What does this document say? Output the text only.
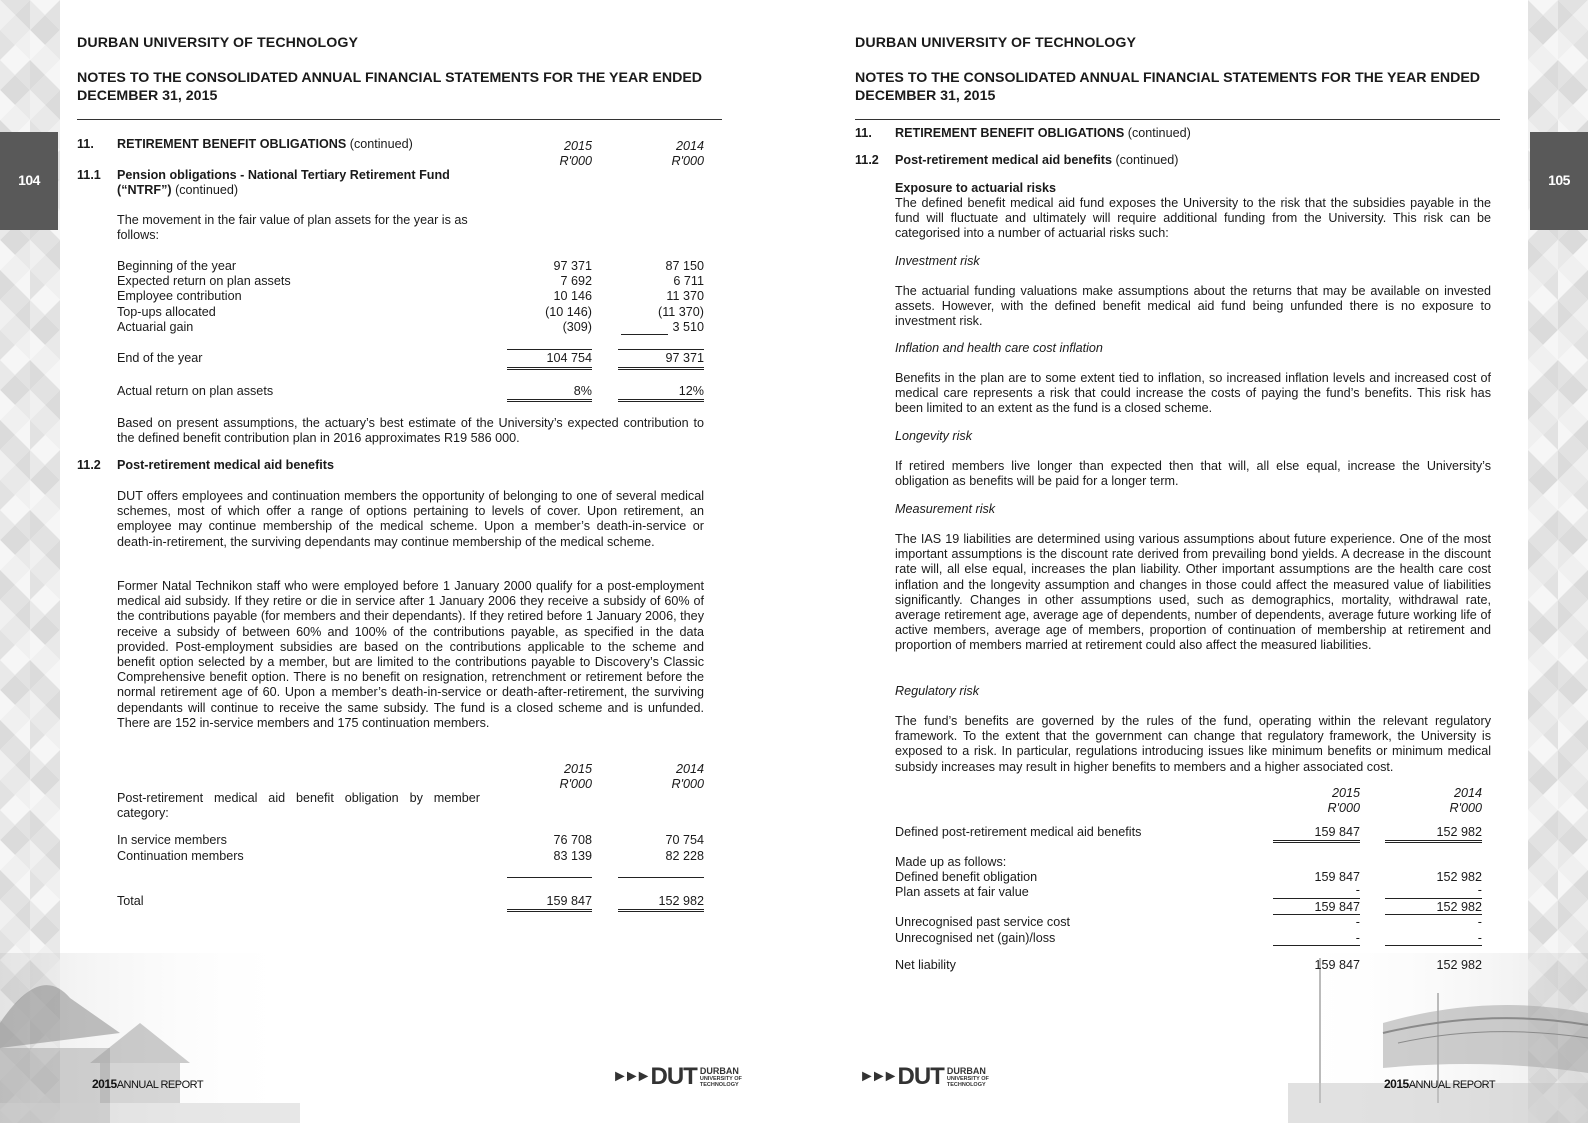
104	105
DURBAN UNIVERSITY OF TECHNOLOGY
NOTES TO THE CONSOLIDATED ANNUAL FINANCIAL STATEMENTS FOR THE YEAR ENDED DECEMBER 31, 2015
11. RETIREMENT BENEFIT OBLIGATIONS (continued)	2015
R'000
2014
R'000
11.1 Pension obligations - National Tertiary Retirement Fund
(“NTRF”) (continued)
The movement in the fair value of plan assets for the year is as follows:
Beginning of the year	97 371	87 150
Expected return on plan assets	7 692	6 711
Employee contribution	10 146	11 370
Top-ups allocated	(10 146)	(11 370)
Actuarial gain	(309)	3 510
End of the year	104 754	97 371
Actual return on plan assets	8%	12%
Based on present assumptions, the actuary’s best estimate of the University’s expected contribution to the defined benefit contribution plan in 2016 approximates R19 586 000.
11.2 Post-retirement medical aid benefits
DUT offers employees and continuation members the opportunity of belonging to one of several medical schemes, most of which offer a range of options pertaining to levels of cover. Upon retirement, an employee may continue membership of the medical scheme. Upon a member’s death-in-service or death-in-retirement, the surviving dependants may continue membership of the medical scheme.
Former Natal Technikon staff who were employed before 1 January 2000 qualify for a post-employment medical aid subsidy. If they retire or die in service after 1 January 2006 they receive a subsidy of 60% of the contributions payable (for members and their dependants). If they retired before 1 January 2006, they receive a subsidy of between 60% and 100% of the contributions payable, as specified in the data provided. Post-employment subsidies are based on the contributions applicable to the scheme and benefit option selected by a member, but are limited to the contributions payable to Discovery’s Classic Comprehensive benefit option. There is no benefit on resignation, retrenchment or retirement before the normal retirement age of 60. Upon a member’s death-in-service or death-after-retirement, the surviving dependants will continue to receive the same subsidy. The fund is a closed scheme and is unfunded. There are 152 in-service members and 175 continuation members.
2015
R'000
2014
R'000
Post-retirement medical aid benefit obligation by member category:
In service members	76 708	70 754
Continuation members	83 139	82 228
Total	159 847	152 982
2015ANNUAL REPORT	►►► DUT DURBAN
UNIVERSITY OF
TECHNOLOGY
DURBAN UNIVERSITY OF TECHNOLOGY
NOTES TO THE CONSOLIDATED ANNUAL FINANCIAL STATEMENTS FOR THE YEAR ENDED DECEMBER 31, 2015
11. RETIREMENT BENEFIT OBLIGATIONS (continued)
11.2 Post-retirement medical aid benefits (continued)
Exposure to actuarial risks
The defined benefit medical aid fund exposes the University to the risk that the subsidies payable in the fund will fluctuate and ultimately will require additional funding from the University. This risk can be categorised into a number of actuarial risks such:
Investment risk
The actuarial funding valuations make assumptions about the returns that may be available on invested assets. However, with the defined benefit medical aid fund being unfunded there is no exposure to investment risk.
Inflation and health care cost inflation
Benefits in the plan are to some extent tied to inflation, so increased inflation levels and increased cost of medical care represents a risk that could increase the costs of paying the fund’s benefits. This risk has been limited to an extent as the fund is a closed scheme.
Longevity risk
If retired members live longer than expected then that will, all else equal, increase the University’s obligation as benefits will be paid for a longer term.
Measurement risk
The IAS 19 liabilities are determined using various assumptions about future experience. One of the most important assumptions is the discount rate derived from prevailing bond yields. A decrease in the discount rate will, all else equal, increases the plan liability. Other important assumptions are the health care cost inflation and the longevity assumption and changes in those could affect the measured value of liabilities significantly. Changes in other assumptions used, such as demographics, mortality, withdrawal rate, average retirement age, average age of dependents, number of dependents, average future working life of active members, average age of members, proportion of continuation of membership at retirement and proportion of members married at retirement could also affect the measured liabilities.
Regulatory risk
The fund’s benefits are governed by the rules of the fund, operating within the relevant regulatory framework. To the extent that the government can change that regulatory framework, the University is exposed to a risk. In particular, regulations introducing issues like minimum benefits or minimum medical subsidy increases may result in higher benefits to members and a higher associated cost.
2015
R'000
2014
R'000
Defined post-retirement medical aid benefits	159 847	152 982
Made up as follows:
Defined benefit obligation	159 847	152 982
Plan assets at fair value	-	-
159 847	152 982
Unrecognised past service cost	-	-
Unrecognised net (gain)/loss	-	-
Net liability	159 847	152 982
►►► DUT DURBAN
UNIVERSITY OF
TECHNOLOGY	2015ANNUAL REPORT
